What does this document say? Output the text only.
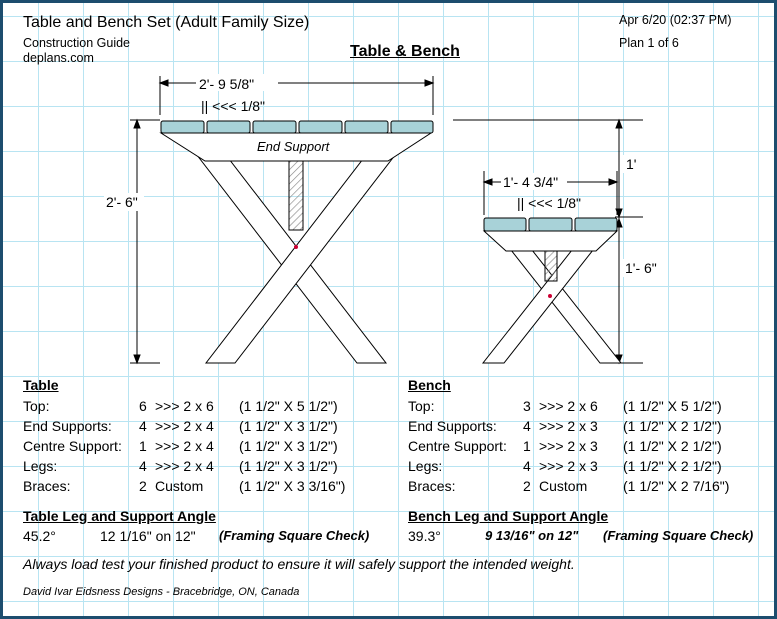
Table and Bench Set (Adult Family Size)
Construction Guide
deplans.com
Apr 6/20 (02:37 PM)
Plan 1 of 6
Table & Bench
2'- 9 5/8"
|| <<< 1/8"
2'- 6"
End Support
1'
1'- 6"
1'- 4 3/4"
|| <<< 1/8"
Table
Top:	6 >>> 2 x 6 (1 1/2" X 5 1/2")
End Supports: 4 >>> 2 x 4 (1 1/2" X 3 1/2")
Centre Support: 1 >>> 2 x 4 (1 1/2" X 3 1/2")
Legs:	4 >>> 2 x 4 (1 1/2" X 3 1/2")
Braces:	2 Custom	(1 1/2" X 3 3/16")
Table Leg and Support Angle
45.2°	12 1/16" on 12" (Framing Square Check)
Bench
Top:	3 >>> 2 x 6 (1 1/2" X 5 1/2")
End Supports: 4 >>> 2 x 3 (1 1/2" X 2 1/2")
Centre Support: 1 >>> 2 x 3 (1 1/2" X 2 1/2")
Legs:	4 >>> 2 x 3 (1 1/2" X 2 1/2")
Braces:	2 Custom	(1 1/2" X 2 7/16")
Bench Leg and Support Angle
39.3°	9 13/16" on 12" (Framing Square Check)
Always load test your finished product to ensure it will safely support the intended weight.
David Ivar Eidsness Designs - Bracebridge, ON, Canada
